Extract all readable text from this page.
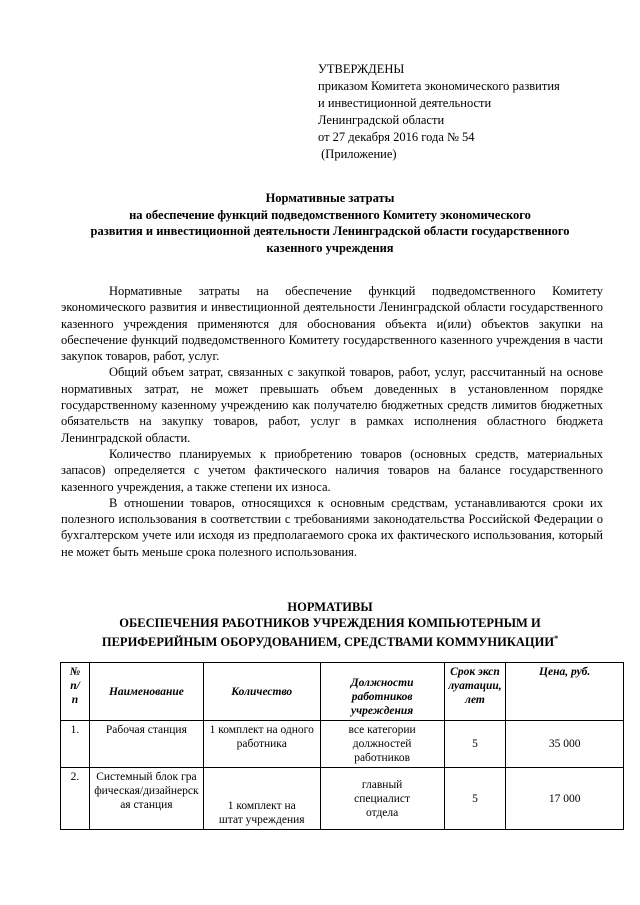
УТВЕРЖДЕНЫ
приказом Комитета экономического развития
и инвестиционной деятельности
Ленинградской области
от 27 декабря 2016 года № 54
(Приложение)
Нормативные затраты
на обеспечение функций подведомственного Комитету экономического
развития и инвестиционной деятельности Ленинградской области государственного
казенного учреждения

Нормативные затраты на обеспечение функций подведомственного Комитету экономического развития и инвестиционной деятельности Ленинградской области государственного казенного учреждения применяются для обоснования объекта и(или) объектов закупки на обеспечение функций подведомственного Комитету государственного казенного учреждения в части закупок товаров, работ, услуг.

Общий объем затрат, связанных с закупкой товаров, работ, услуг, рассчитанный на основе нормативных затрат, не может превышать объем доведенных в установленном порядке государственному казенному учреждению как получателю бюджетных средств лимитов бюджетных обязательств на закупку товаров, работ, услуг в рамках исполнения областного бюджета Ленинградской области.

Количество планируемых к приобретению товаров (основных средств, материальных запасов) определяется с учетом фактического наличия товаров на балансе государственного казенного учреждения, а также степени их износа.

В отношении товаров, относящихся к основным средствам, устанавливаются сроки их полезного использования в соответствии с требованиями законодательства Российской Федерации о бухгалтерском учете или исходя из предполагаемого срока их фактического использования, который не может быть меньше срока полезного использования.

НОРМАТИВЫ
ОБЕСПЕЧЕНИЯ РАБОТНИКОВ УЧРЕЖДЕНИЯ КОМПЬЮТЕРНЫМ И
ПЕРИФЕРИЙНЫМ ОБОРУДОВАНИЕМ, СРЕДСТВАМИ КОММУНИКАЦИИ*
№ п/п	Наименование	Количество	Должности работников учреждения	Срок эксплуатации, лет	Цена, руб.
1.	Рабочая станция	1 комплект на одного работника	все категории должностей работников	5	35 000
2.	Системный блок графическая/дизайнерская станция	1 комплект на штат учреждения	главный специалист отдела	5	17 000
